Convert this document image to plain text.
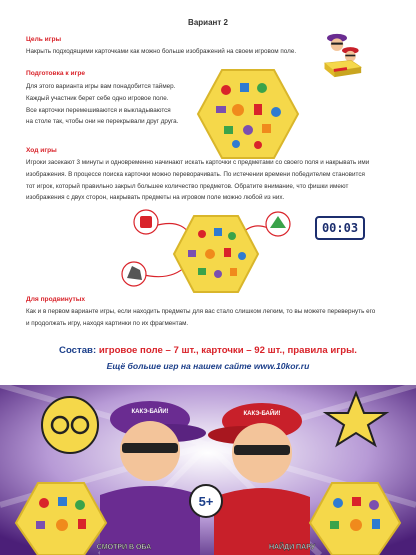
Вариант 2
Цель игры
Накрыть подходящими карточками как можно больше изображений на своем игровом поле.
Подготовка к игре
Для этого варианта игры вам понадобится таймер.
Каждый участник берет себе одно игровое поле.
Все карточки перемешиваются и выкладываются
на столе так, чтобы они не перекрывали друг друга.
Ход игры
Игроки засекают 3 минуты и одновременно начинают искать карточки с предметами со своего поля и накрывать ими
изображения. В процессе поиска карточки можно переворачивать. По истечении времени победителем становится
тот игрок, который правильно закрыл большее количество предметов. Обратите внимание, что фишки имеют
изображения с двух сторон, накрывать предметы на игровом поле можно любой из них.
00:03
Для продвинутых
Как и в первом варианте игры, если находить предметы для вас стало слишком легким, то вы можете перевернуть его
и продолжать игру, находя картинки по их фрагментам.
Состав: игровое поле – 7 шт., карточки – 92 шт., правила игры.
Ещё больше игр на нашем сайте www.10kor.ru
КАКЭ-БАЙИ!	КАКЭ-БАЙИ!
5+
СМОТРИ В ОБА	НАЙДИ ПАРУ
